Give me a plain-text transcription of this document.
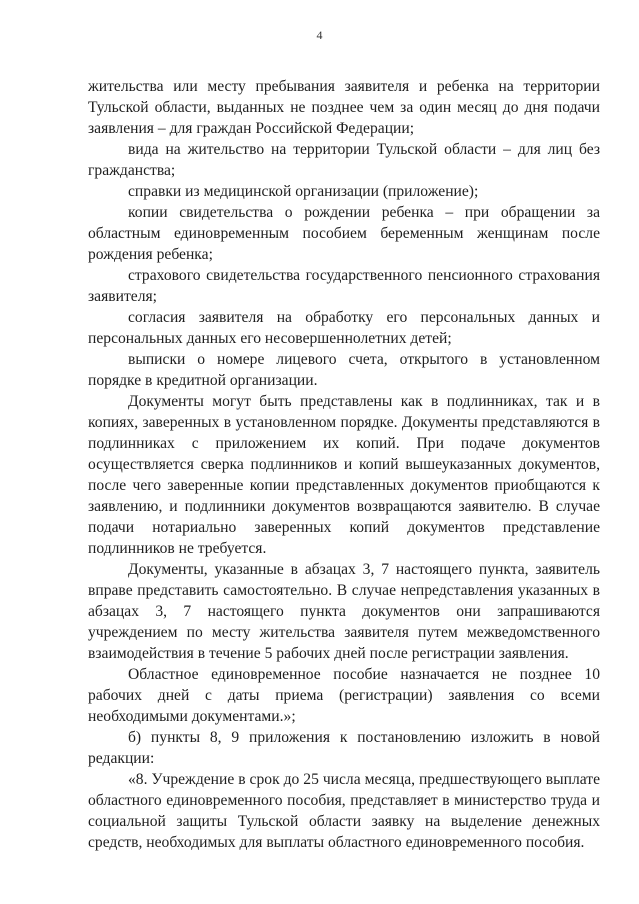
4

жительства или месту пребывания заявителя и ребенка на территории Тульской области, выданных не позднее чем за один месяц до дня подачи заявления – для граждан Российской Федерации;

вида на жительство на территории Тульской области – для лиц без гражданства;

справки из медицинской организации (приложение);

копии свидетельства о рождении ребенка – при обращении за областным единовременным пособием беременным женщинам после рождения ребенка;

страхового свидетельства государственного пенсионного страхования заявителя;

согласия заявителя на обработку его персональных данных и персональных данных его несовершеннолетних детей;

выписки о номере лицевого счета, открытого в установленном порядке в кредитной организации.

Документы могут быть представлены как в подлинниках, так и в копиях, заверенных в установленном порядке. Документы представляются в подлинниках с приложением их копий. При подаче документов осуществляется сверка подлинников и копий вышеуказанных документов, после чего заверенные копии представленных документов приобщаются к заявлению, и подлинники документов возвращаются заявителю. В случае подачи нотариально заверенных копий документов представление подлинников не требуется.

Документы, указанные в абзацах 3, 7 настоящего пункта, заявитель вправе представить самостоятельно. В случае непредставления указанных в абзацах 3, 7 настоящего пункта документов они запрашиваются учреждением по месту жительства заявителя путем межведомственного взаимодействия в течение 5 рабочих дней после регистрации заявления.

Областное единовременное пособие назначается не позднее 10 рабочих дней с даты приема (регистрации) заявления со всеми необходимыми документами.»;

б) пункты 8, 9 приложения к постановлению изложить в новой редакции:

«8. Учреждение в срок до 25 числа месяца, предшествующего выплате областного единовременного пособия, представляет в министерство труда и социальной защиты Тульской области заявку на выделение денежных средств, необходимых для выплаты областного единовременного пособия.
